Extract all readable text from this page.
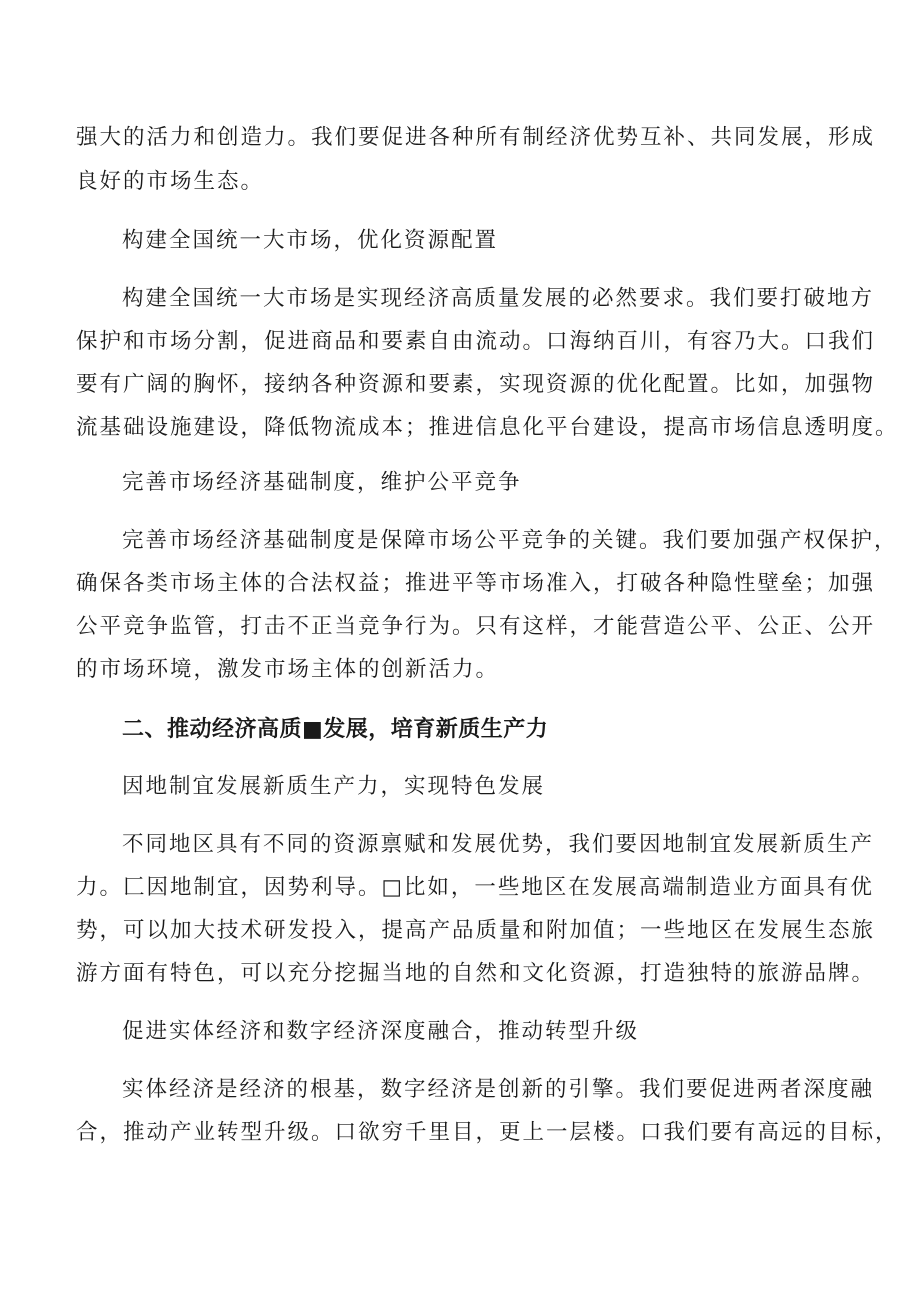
强大的活力和创造力。我们要促进各种所有制经济优势互补、共同发展，形成
良好的市场生态。
构建全国统一大市场，优化资源配置
构建全国统一大市场是实现经济高质量发展的必然要求。我们要打破地方
保护和市场分割，促进商品和要素自由流动。口海纳百川，有容乃大。口我们
要有广阔的胸怀，接纳各种资源和要素，实现资源的优化配置。比如，加强物
流基础设施建设，降低物流成本；推进信息化平台建设，提高市场信息透明度。
完善市场经济基础制度，维护公平竞争
完善市场经济基础制度是保障市场公平竞争的关键。我们要加强产权保护，
确保各类市场主体的合法权益；推进平等市场准入，打破各种隐性壁垒；加强
公平竞争监管，打击不正当竞争行为。只有这样，才能营造公平、公正、公开
的市场环境，激发市场主体的创新活力。
二、推动经济高质■发展，培育新质生产力
因地制宜发展新质生产力，实现特色发展
不同地区具有不同的资源禀赋和发展优势，我们要因地制宜发展新质生产
力。匚因地制宜，因势利导。□比如，一些地区在发展高端制造业方面具有优
势，可以加大技术研发投入，提高产品质量和附加值；一些地区在发展生态旅
游方面有特色，可以充分挖掘当地的自然和文化资源，打造独特的旅游品牌。
促进实体经济和数字经济深度融合，推动转型升级
实体经济是经济的根基，数字经济是创新的引擎。我们要促进两者深度融
合，推动产业转型升级。口欲穷千里目，更上一层楼。口我们要有高远的目标，
